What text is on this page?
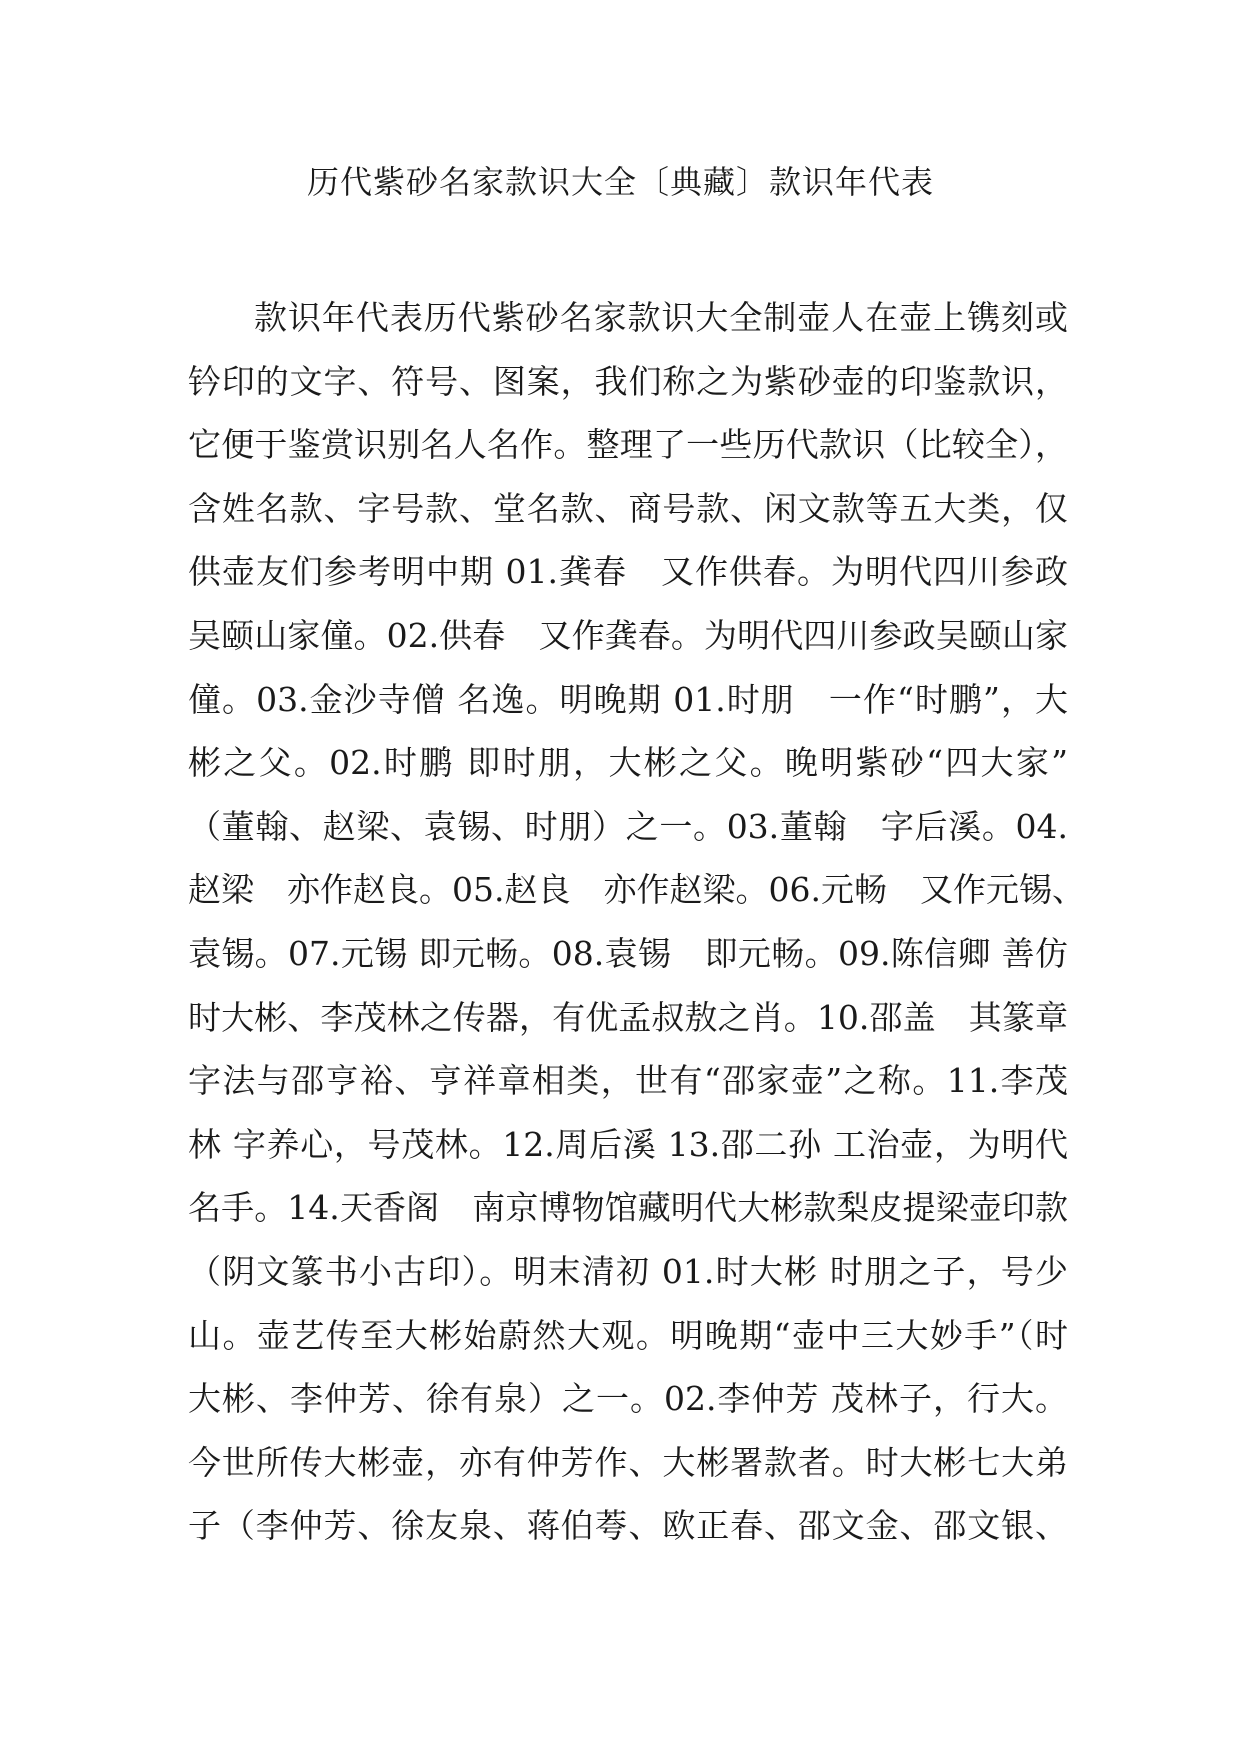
历代紫砂名家款识大全〔典藏〕款识年代表
款识年代表历代紫砂名家款识大全制壶人在壶上镌刻或
钤印的文字、符号、图案，我们称之为紫砂壶的印鉴款识，
它便于鉴赏识别名人名作。整理了一些历代款识（比较全），
含姓名款、字号款、堂名款、商号款、闲文款等五大类，仅
供壶友们参考明中期 01.龚春　又作供春。为明代四川参政
吴颐山家僮。02.供春　又作龚春。为明代四川参政吴颐山家
僮。03.金沙寺僧 名逸。明晚期 01.时朋　一作“时鹏”，大
彬之父。02.时鹏 即时朋，大彬之父。晚明紫砂“四大家”
（董翰、赵梁、袁锡、时朋）之一。03.董翰　字后溪。04.
赵梁　亦作赵良。05.赵良　亦作赵梁。06.元畅　又作元锡、
袁锡。07.元锡 即元畅。08.袁锡　即元畅。09.陈信卿 善仿
时大彬、李茂林之传器，有优孟叔敖之肖。10.邵盖　其篆章
字法与邵亨裕、亨祥章相类，世有“邵家壶”之称。11.李茂
林 字养心，号茂林。12.周后溪 13.邵二孙 工治壶，为明代
名手。14.天香阁　南京博物馆藏明代大彬款梨皮提梁壶印款
（阴文篆书小古印）。明末清初 01.时大彬 时朋之子，号少
山。壶艺传至大彬始蔚然大观。明晚期“壶中三大妙手”（时
大彬、李仲芳、徐有泉）之一。02.李仲芳 茂林子，行大。
今世所传大彬壶，亦有仲芳作、大彬署款者。时大彬七大弟
子（李仲芳、徐友泉、蒋伯荂、欧正春、邵文金、邵文银、
